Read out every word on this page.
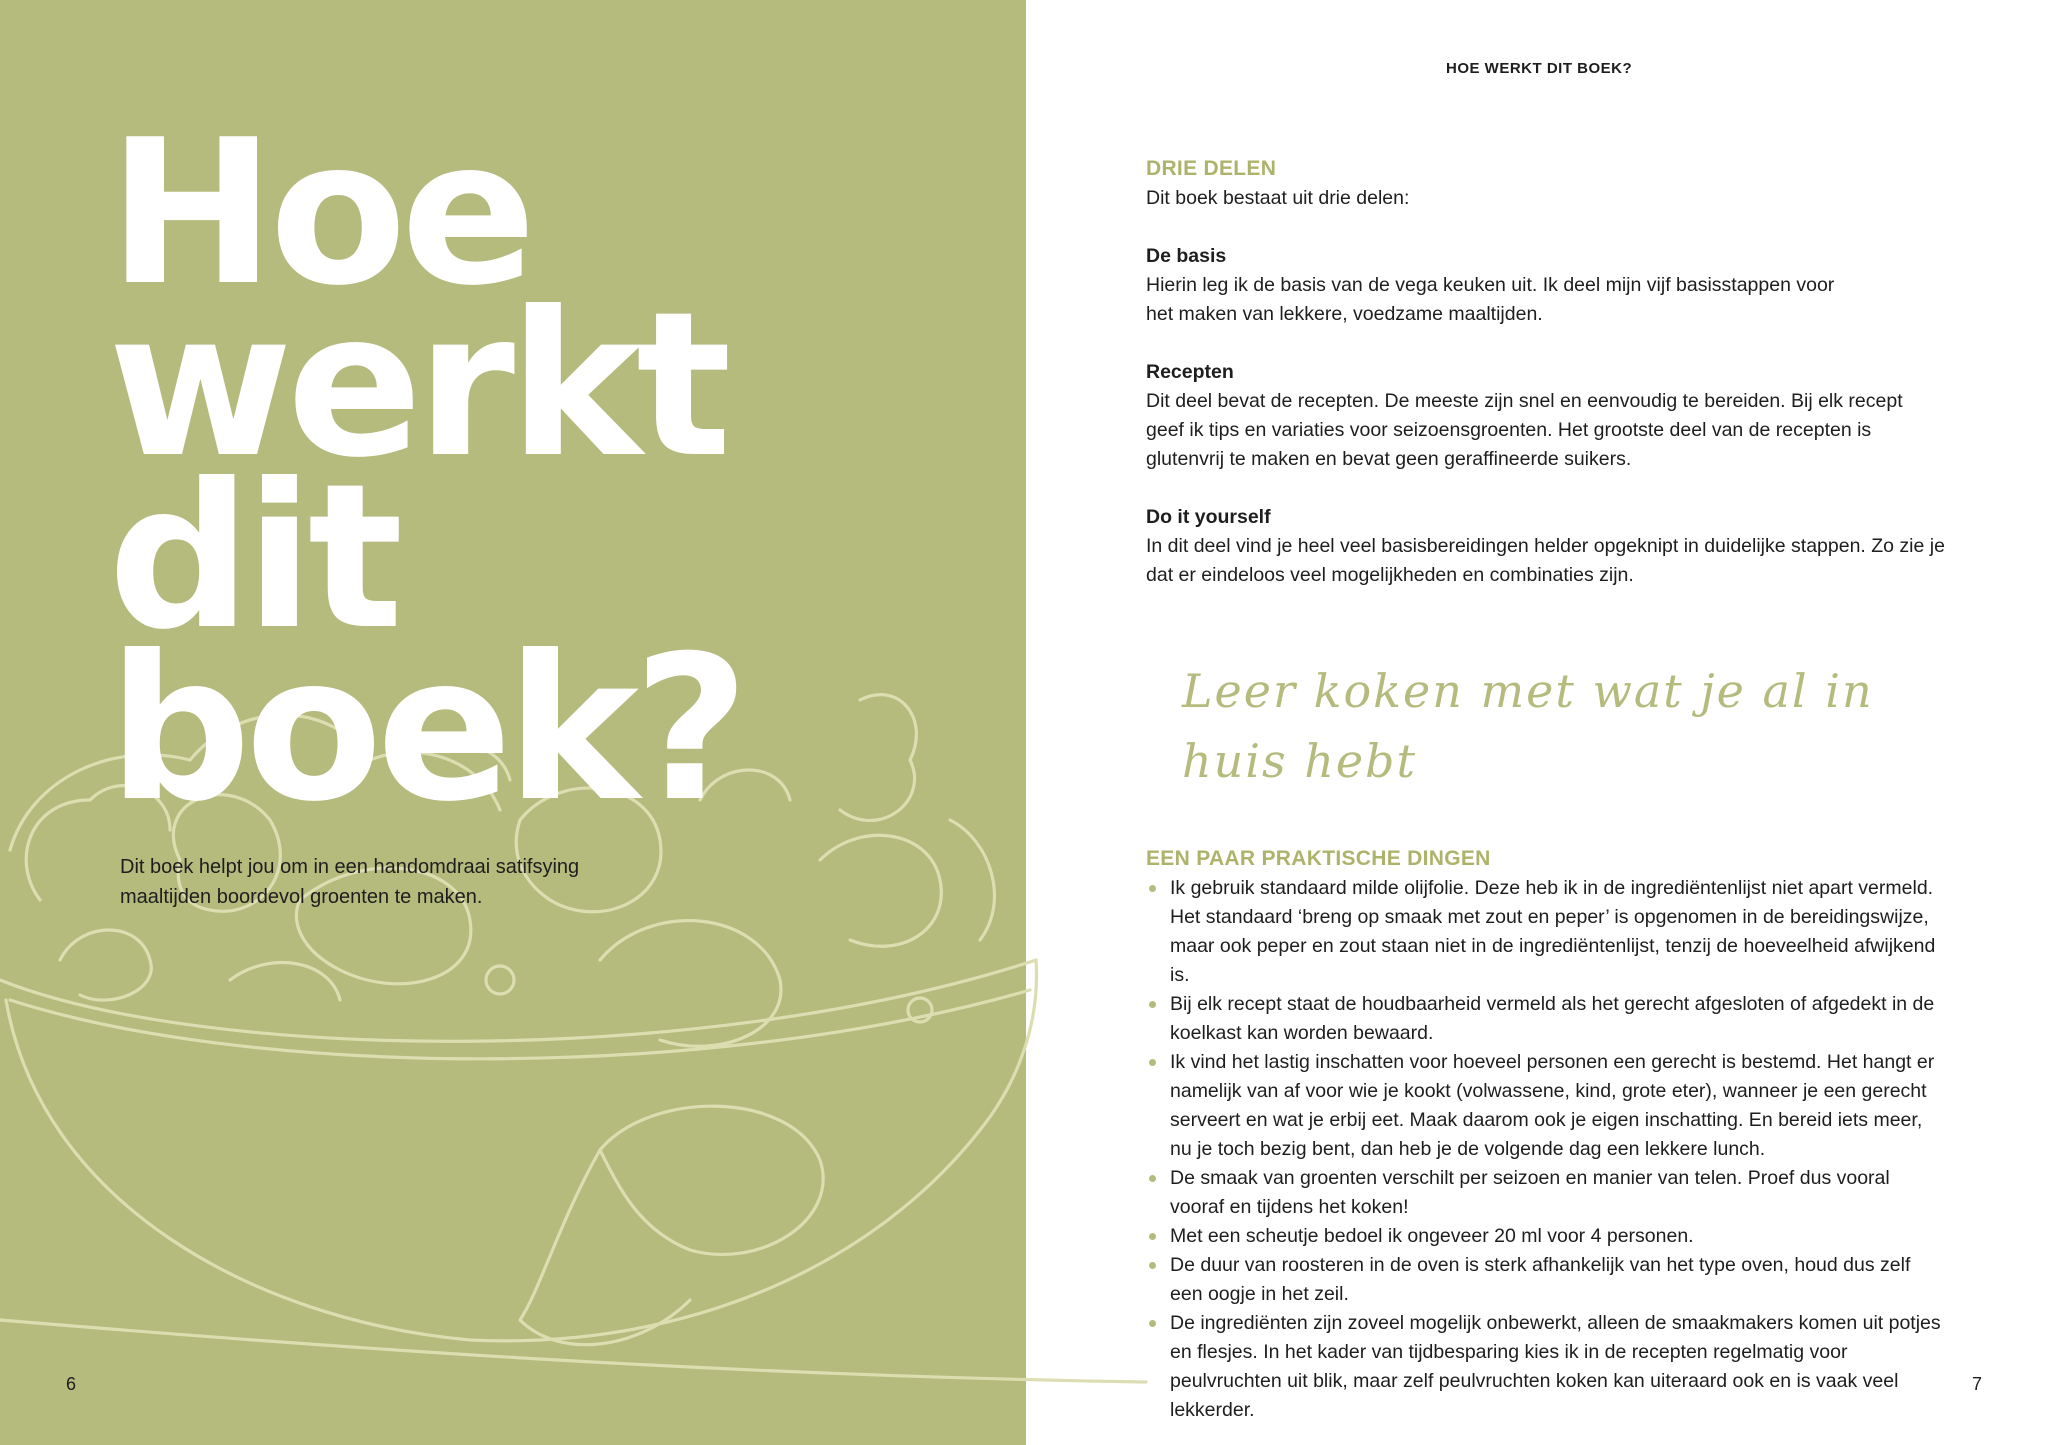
Hoe
werkt
dit
boek?

Dit boek helpt jou om in een handomdraai satifsying maaltijden boordevol groenten te maken.

6

HOE WERKT DIT BOEK?

DRIE DELEN

Dit boek bestaat uit drie delen:

De basis

Hierin leg ik de basis van de vega keuken uit. Ik deel mijn vijf basisstappen voor het maken van lekkere, voedzame maaltijden.

Recepten

Dit deel bevat de recepten. De meeste zijn snel en eenvoudig te bereiden. Bij elk recept geef ik tips en variaties voor seizoensgroenten. Het grootste deel van de recepten is glutenvrij te maken en bevat geen geraffineerde suikers.

Do it yourself

In dit deel vind je heel veel basisbereidingen helder opgeknipt in duidelijke stappen. Zo zie je dat er eindeloos veel mogelijkheden en combinaties zijn.

Leer koken met wat je al in huis hebt
EEN PAAR PRAKTISCHE DINGEN
Ik gebruik standaard milde olijfolie. Deze heb ik in de ingrediëntenlijst niet apart vermeld. Het standaard ‘breng op smaak met zout en peper’ is opgenomen in de bereidingswijze, maar ook peper en zout staan niet in de ingrediëntenlijst, tenzij de hoeveelheid afwijkend is.
Bij elk recept staat de houdbaarheid vermeld als het gerecht afgesloten of afgedekt in de koelkast kan worden bewaard.
Ik vind het lastig inschatten voor hoeveel personen een gerecht is bestemd. Het hangt er namelijk van af voor wie je kookt (volwassene, kind, grote eter), wanneer je een gerecht serveert en wat je erbij eet. Maak daarom ook je eigen inschatting. En bereid iets meer, nu je toch bezig bent, dan heb je de volgende dag een lekkere lunch.
De smaak van groenten verschilt per seizoen en manier van telen. Proef dus vooral vooraf en tijdens het koken!
Met een scheutje bedoel ik ongeveer 20 ml voor 4 personen.
De duur van roosteren in de oven is sterk afhankelijk van het type oven, houd dus zelf een oogje in het zeil.
De ingrediënten zijn zoveel mogelijk onbewerkt, alleen de smaakmakers komen uit potjes en flesjes. In het kader van tijdbesparing kies ik in de recepten regelmatig voor peulvruchten uit blik, maar zelf peulvruchten koken kan uiteraard ook en is vaak veel lekkerder.
7
